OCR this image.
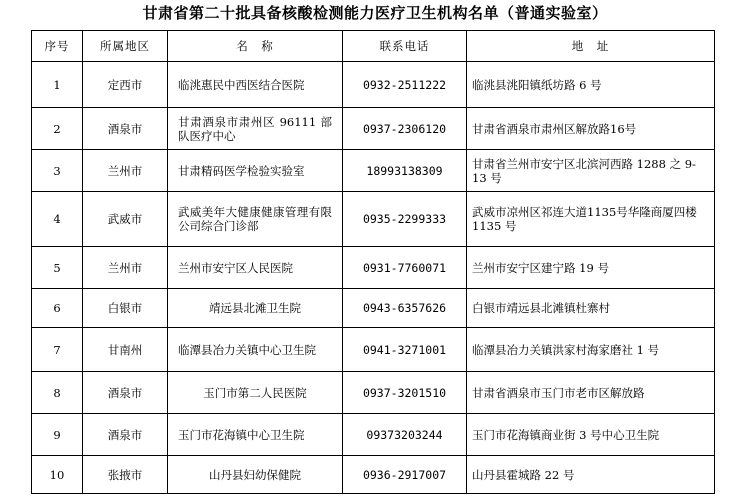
甘肃省第二十批具备核酸检测能力医疗卫生机构名单（普通实验室）
序号	所属地区	名　称	联系电话	地　址
1	定西市	临洮惠民中西医结合医院	0932-2511222	临洮县洮阳镇纸坊路 6 号
2	酒泉市	甘肃酒泉市肃州区 96111 部队医疗中心	0937-2306120	甘肃省酒泉市肃州区解放路16号
3	兰州市	甘肃精码医学检验实验室	18993138309	甘肃省兰州市安宁区北滨河西路 1288 之 9-13 号
4	武威市	武威美年大健康健康管理有限公司综合门诊部	0935-2299333	武威市凉州区祁连大道1135号华隆商厦四楼 1135 号
5	兰州市	兰州市安宁区人民医院	0931-7760071	兰州市安宁区建宁路 19 号
6	白银市	靖远县北滩卫生院	0943-6357626	白银市靖远县北滩镇杜寨村
7	甘南州	临潭县冶力关镇中心卫生院	0941-3271001	临潭县冶力关镇洪家村海家磨社 1 号
8	酒泉市	玉门市第二人民医院	0937-3201510	甘肃省酒泉市玉门市老市区解放路
9	酒泉市	玉门市花海镇中心卫生院	09373203244	玉门市花海镇商业街 3 号中心卫生院
10	张掖市	山丹县妇幼保健院	0936-2917007	山丹县霍城路 22 号
